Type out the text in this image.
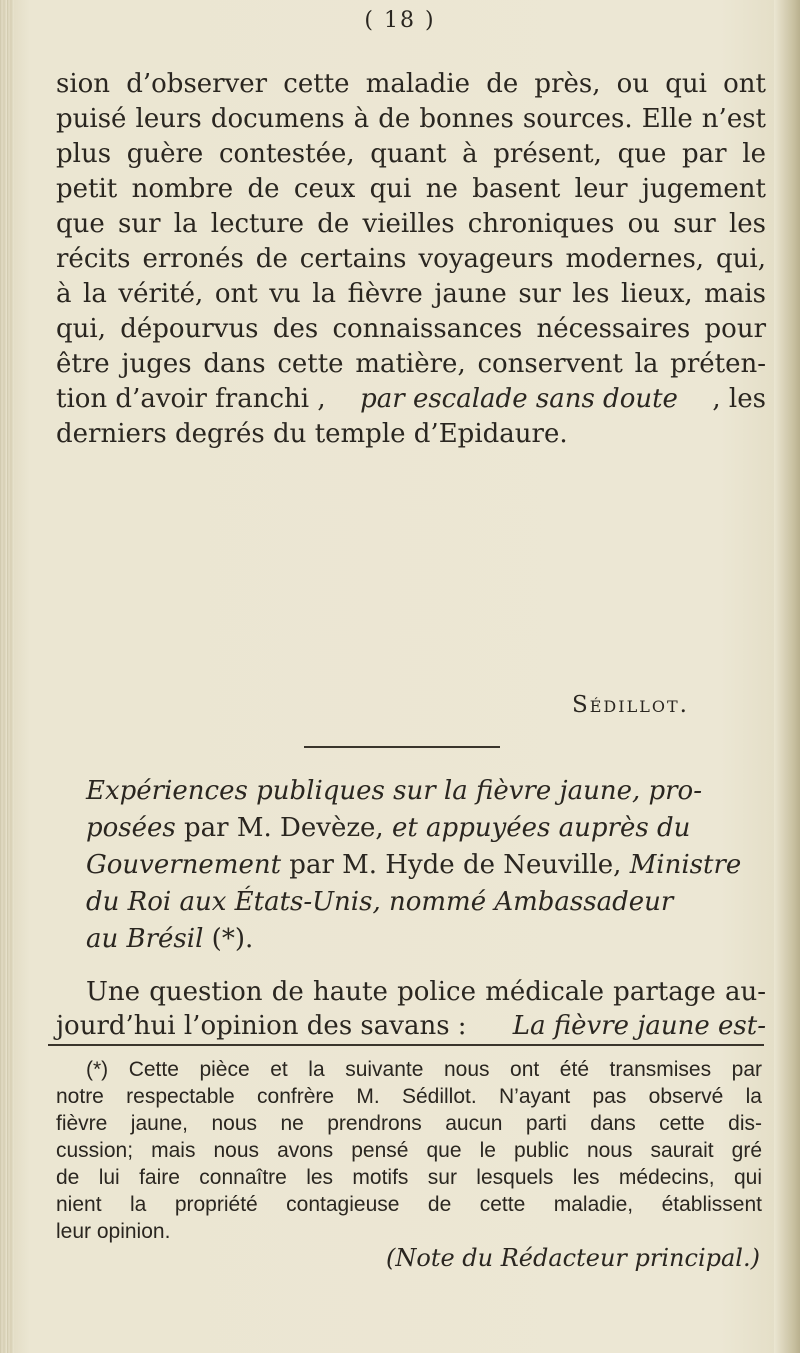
( 18 )
sion d’observer cette maladie de près, ou qui ont
puisé leurs documens à de bonnes sources. Elle n’est
plus guère contestée, quant à présent, que par le
petit nombre de ceux qui ne basent leur jugement
que sur la lecture de vieilles chroniques ou sur les
récits erronés de certains voyageurs modernes, qui,
à la vérité, ont vu la fièvre jaune sur les lieux, mais
qui, dépourvus des connaissances nécessaires pour
être juges dans cette matière, conservent la préten-
tion d’avoir franchi , par escalade sans doute , les
derniers degrés du temple d’Epidaure.
Sédillot.
Expériences publiques sur la fièvre jaune, pro-
posées par M. Devèze, et appuyées auprès du
Gouvernement par M. Hyde de Neuville, Ministre
du Roi aux États-Unis, nommé Ambassadeur
au Brésil (*).
Une question de haute police médicale partage au-
jourd’hui l’opinion des savans : La fièvre jaune est-
(*) Cette pièce et la suivante nous ont été transmises par
notre respectable confrère M. Sédillot. N’ayant pas observé la
fièvre jaune, nous ne prendrons aucun parti dans cette dis-
cussion; mais nous avons pensé que le public nous saurait gré
de lui faire connaître les motifs sur lesquels les médecins, qui
nient la propriété contagieuse de cette maladie, établissent
leur opinion.
(Note du Rédacteur principal.)
